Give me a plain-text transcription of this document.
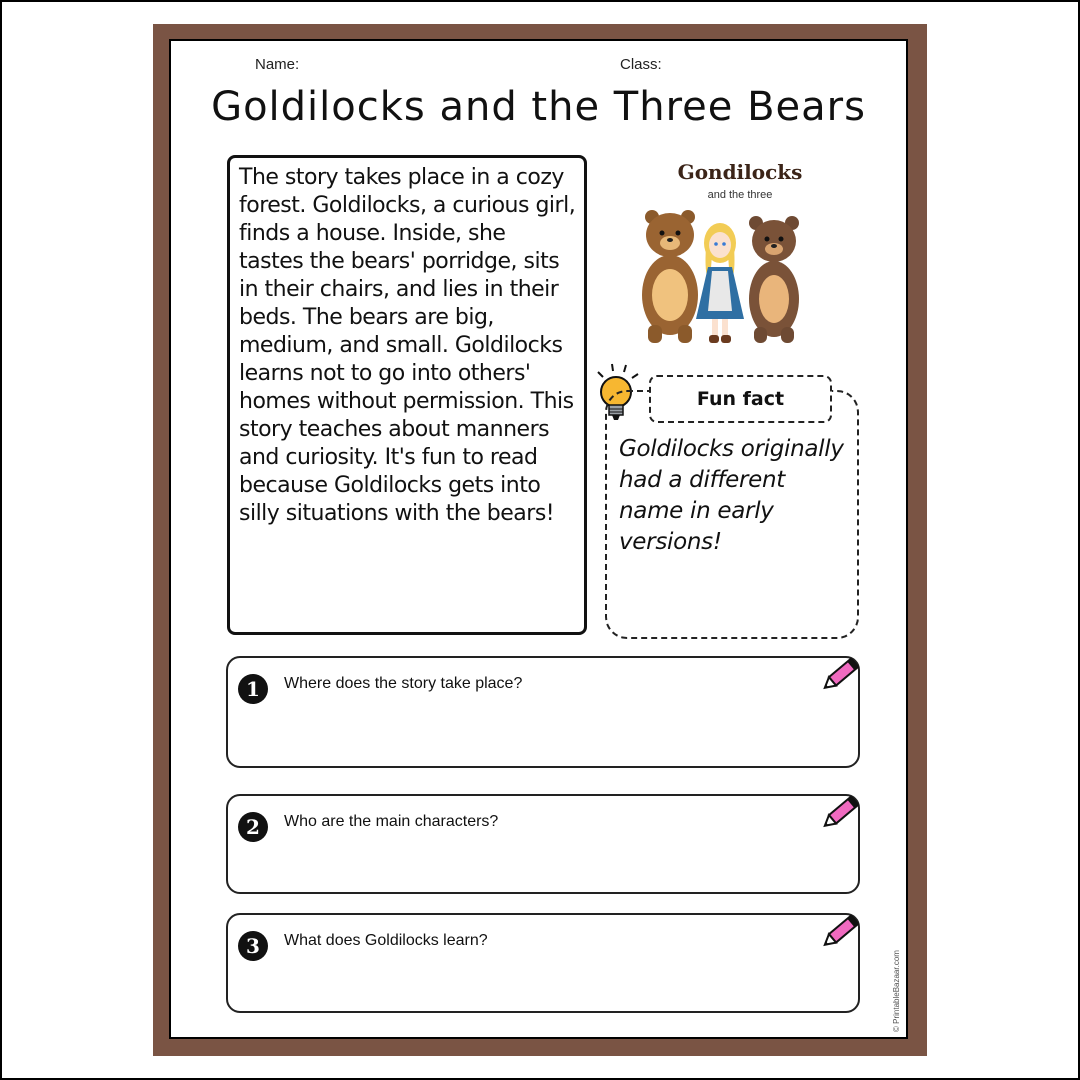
Name:	Class:
Goldilocks and the Three Bears

The story takes place in a cozy forest. Goldilocks, a curious girl, finds a house. Inside, she tastes the bears' porridge, sits in their chairs, and lies in their beds. The bears are big, medium, and small. Goldilocks learns not to go into others' homes without permission. This story teaches about manners and curiosity. It's fun to read because Goldilocks gets into silly situations with the bears!

Gondilocks
and the three
Fun fact

Goldilocks originally had a different name in early versions!

1	Where does the story take place?
2	Who are the main characters?
3	What does Goldilocks learn?
© PrintableBazaar.com
